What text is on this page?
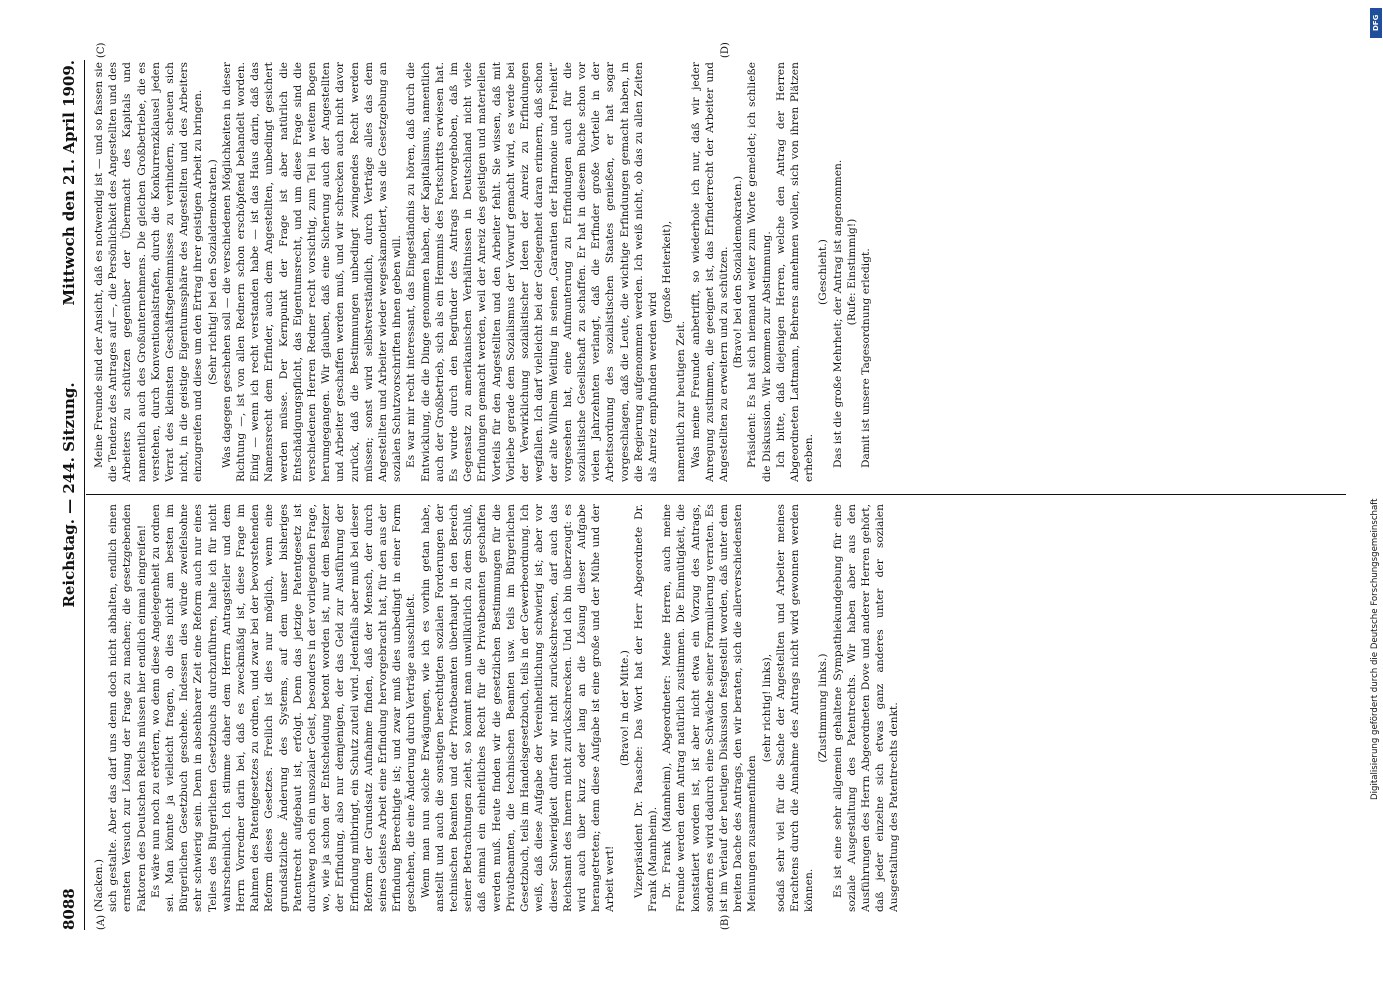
8088
Reichstag. — 244. Sitzung.
Mittwoch den 21. April 1909.
(A)	(B)
(C)	(D)

(Nacken.) sich gestalte. Aber das darf uns denn doch nicht abhalten, endlich einen ernsten Versuch zur Lösung der Frage zu machen; die gesetzgebenden Faktoren des Deutschen Reichs müssen hier endlich einmal eingreifen! Es wäre nun noch zu erörtern, wo denn diese Angelegenheit zu ordnen sei. Man könnte ja vielleicht fragen, ob dies nicht am besten im Bürgerlichen Gesetzbuch geschehe. Indessen dies würde zweifelsohne sehr schwierig sein. Denn in absehbarer Zeit eine Reform auch nur eines Teiles des Bürgerlichen Gesetzbuchs durchzuführen, halte ich für nicht wahrscheinlich. Ich stimme daher dem Herrn Antragsteller und dem Herrn Vorredner darin bei, daß es zweckmäßig ist, diese Frage im Rahmen des Patentgesetzes zu ordnen, und zwar bei der bevorstehenden Reform dieses Gesetzes. Freilich ist dies nur möglich, wenn eine grundsätzliche Änderung des Systems, auf dem unser bisheriges Patentrecht aufgebaut ist, erfolgt. Denn das jetzige Patentgesetz ist durchweg noch ein unsozialer Geist, besonders in der vorliegenden Frage, wo, wie ja schon der Entscheidung betont worden ist, nur dem Besitzer der Erfindung, also nur demjenigen, der das Geld zur Ausführung der Erfindung mitbringt, ein Schutz zuteil wird. Jedenfalls aber muß bei dieser Reform der Grundsatz Aufnahme finden, daß der Mensch, der durch seines Geistes Arbeit eine Erfindung hervorgebracht hat, für den aus der Erfindung Berechtigte ist; und zwar muß dies unbedingt in einer Form geschehen, die eine Änderung durch Verträge ausschließt. Wenn man nun solche Erwägungen, wie ich es vorhin getan habe, anstellt und auch die sonstigen berechtigten sozialen Forderungen der technischen Beamten und der Privatbeamten überhaupt in den Bereich seiner Betrachtungen zieht, so kommt man unwillkürlich zu dem Schluß, daß einmal ein einheitliches Recht für die Privatbeamten geschaffen werden muß. Heute finden wir die gesetzlichen Bestimmungen für die Privatbeamten, die technischen Beamten usw. teils im Bürgerlichen Gesetzbuch, teils im Handelsgesetzbuch, teils in der Gewerbeordnung. Ich weiß, daß diese Aufgabe der Vereinheitlichung schwierig ist; aber vor dieser Schwierigkeit dürfen wir nicht zurückschrecken, darf auch das Reichsamt des Innern nicht zurückschrecken. Und ich bin überzeugt: es wird auch über kurz oder lang an die Lösung dieser Aufgabe herangetreten; denn diese Aufgabe ist eine große und der Mühe und der Arbeit wert!

(Bravo! in der Mitte.) Vizepräsident Dr. Paasche: Das Wort hat der Herr Abgeordnete Dr. Frank (Mannheim). Dr. Frank (Mannheim), Abgeordneter: Meine Herren, auch meine Freunde werden dem Antrag natürlich zustimmen. Die Einmütigkeit, die konstatiert worden ist, ist aber nicht etwa ein Vorzug des Antrags, sondern es wird dadurch eine Schwäche seiner Formulierung verraten. Es ist im Verlauf der heutigen Diskussion festgestellt worden, daß unter dem breiten Dache des Antrags, den wir beraten, sich die allerverschiedensten Meinungen zusammenfinden

(sehr richtig! links), sodaß sehr viel für die Sache der Angestellten und Arbeiter meines Erachtens durch die Annahme des Antrags nicht wird gewonnen werden können.

(Zustimmung links.) Es ist eine sehr allgemein gehaltene Sympathiekundgebung für eine soziale Ausgestaltung des Patentrechts. Wir haben aber aus den Ausführungen des Herrn Abgeordneten Dove und anderer Herren gehört, daß jeder einzelne sich etwas ganz anderes unter der sozialen Ausgestaltung des Patentrechts denkt.

Meine Freunde sind der Ansicht, daß es notwendig ist — und so fassen sie die Tendenz des Antrages auf —, die Persönlichkeit des Angestellten und des Arbeiters zu schützen gegenüber der Übermacht des Kapitals und namentlich auch des Großunternehmens. Die gleichen Großbetriebe, die es verstehen, durch Konventionalstrafen, durch die Konkurrenzklausel jeden Verrat des kleinsten Geschäftsgeheimnisses zu verhindern, scheuen sich nicht, in die geistige Eigentumssphäre des Angestellten und des Arbeiters einzugreifen und diese um den Ertrag ihrer geistigen Arbeit zu bringen. (Sehr richtig! bei den Sozialdemokraten.) Was dagegen geschehen soll — die verschiedenen Möglichkeiten in dieser Richtung —, ist von allen Rednern schon erschöpfend behandelt worden. Einig — wenn ich recht verstanden habe — ist das Haus darin, daß das Namensrecht dem Erfinder, auch dem Angestellten, unbedingt gesichert werden müsse. Der Kernpunkt der Frage ist aber natürlich die Entschädigungspflicht, das Eigentumsrecht, und um diese Frage sind die verschiedenen Herren Redner recht vorsichtig, zum Teil in weitem Bogen herumgegangen. Wir glauben, daß eine Sicherung auch der Angestellten und Arbeiter geschaffen werden muß, und wir schrecken auch nicht davor zurück, daß die Bestimmungen unbedingt zwingendes Recht werden müssen; sonst wird selbstverständlich, durch Verträge alles das dem Angestellten und Arbeiter wieder wegeskamotiert, was die Gesetzgebung an sozialen Schutzvorschriften ihnen geben will. Es war mir recht interessant, das Eingeständnis zu hören, daß durch die Entwicklung, die die Dinge genommen haben, der Kapitalismus, namentlich auch der Großbetrieb, sich als ein Hemmnis des Fortschritts erwiesen hat. Es wurde durch den Begründer des Antrags hervorgehoben, daß im Gegensatz zu amerikanischen Verhältnissen in Deutschland nicht viele Erfindungen gemacht werden, weil der Anreiz des geistigen und materiellen Vorteils für den Angestellten und den Arbeiter fehlt. Sie wissen, daß mit Vorliebe gerade dem Sozialismus der Vorwurf gemacht wird, es werde bei der Verwirklichung sozialistischer Ideen der Anreiz zu Erfindungen wegfallen. Ich darf vielleicht bei der Gelegenheit daran erinnern, daß schon der alte Wilhelm Weitling in seinen „Garantien der Harmonie und Freiheit“ vorgesehen hat, eine Aufmunterung zu Erfindungen auch für die sozialistische Gesellschaft zu schaffen. Er hat in diesem Buche schon vor vielen Jahrzehnten verlangt, daß die Erfinder große Vorteile in der Arbeitsordnung des sozialistischen Staates genießen, er hat sogar vorgeschlagen, daß die Leute, die wichtige Erfindungen gemacht haben, in die Regierung aufgenommen werden. Ich weiß nicht, ob das zu allen Zeiten als Anreiz empfunden werden wird

(große Heiterkeit),

namentlich zur heutigen Zeit. Was meine Freunde anbetrifft, so wiederhole ich nur, daß wir jeder Anregung zustimmen, die geeignet ist, das Erfinderrecht der Arbeiter und Angestellten zu erweitern und zu schützen. (Bravo! bei den Sozialdemokraten.) Präsident: Es hat sich niemand weiter zum Worte gemeldet; ich schließe die Diskussion. Wir kommen zur Abstimmung. Ich bitte, daß diejenigen Herren, welche den Antrag der Herren Abgeordneten Lattmann, Behrens annehmen wollen, sich von ihren Plätzen erheben.

(Geschieht.) Das ist die große Mehrheit; der Antrag ist angenommen. (Rufe: Einstimmig!) Damit ist unsere Tagesordnung erledigt.

Digitalisierung gefördert durch die Deutsche Forschungsgemeinschaft
DFG
